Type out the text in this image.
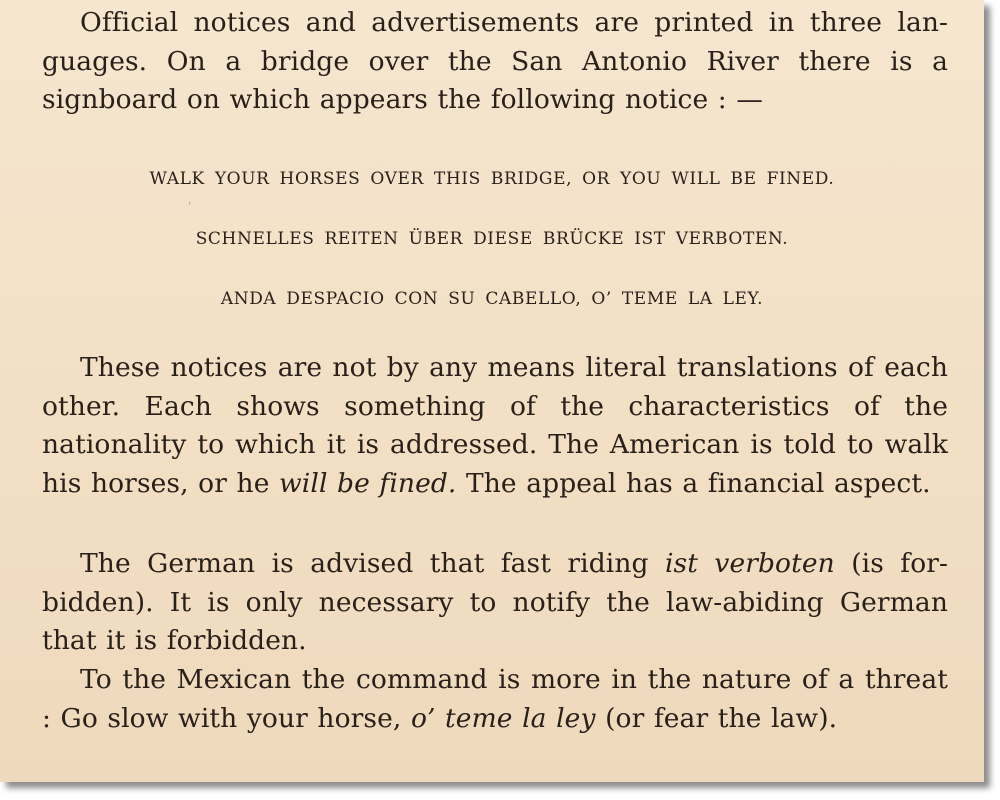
Official notices and advertisements are printed in three languages. On a bridge over the San Antonio River there is a signboard on which appears the following notice : —

WALK YOUR HORSES OVER THIS BRIDGE, OR YOU WILL BE FINED.

ˈ

SCHNELLES REITEN ÜBER DIESE BRÜCKE IST VERBOTEN.

ANDA DESPACIO CON SU CABELLO, O’ TEME LA LEY.

These notices are not by any means literal translations of each other. Each shows something of the characteristics of the nationality to which it is addressed. The American is told to walk his horses, or he will be fined. The appeal has a financial aspect.

The German is advised that fast riding ist verboten (is forbidden). It is only necessary to notify the law-abiding German that it is forbidden.

To the Mexican the command is more in the nature of a threat : Go slow with your horse, o’ teme la ley (or fear the law).
